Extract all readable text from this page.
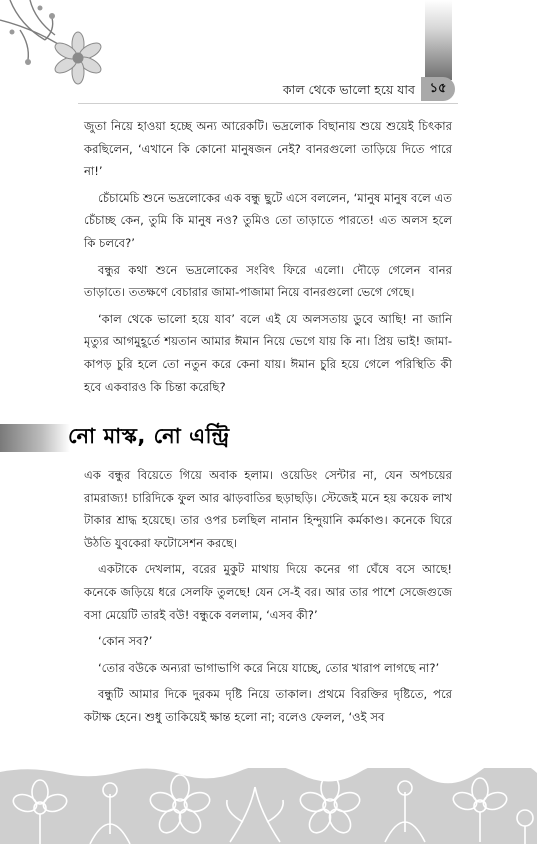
কাল থেকে ভালো হয়ে যাব	১৫

জুতা নিয়ে হাওয়া হচ্ছে অন্য আরেকটি। ভদ্রলোক বিছানায় শুয়ে শুয়েই চিৎকার করছিলেন, ‘এখানে কি কোনো মানুষজন নেই? বানরগুলো তাড়িয়ে দিতে পারে না!’

চেঁচামেচি শুনে ভদ্রলোকের এক বন্ধু ছুটে এসে বললেন, ‘মানুষ মানুষ বলে এত চেঁচাচ্ছ কেন, তুমি কি মানুষ নও? তুমিও তো তাড়াতে পারতে! এত অলস হলে কি চলবে?’

বন্ধুর কথা শুনে ভদ্রলোকের সংবিৎ ফিরে এলো। দৌড়ে গেলেন বানর তাড়াতে। ততক্ষণে বেচারার জামা-পাজামা নিয়ে বানরগুলো ভেগে গেছে।

‘কাল থেকে ভালো হয়ে যাব’ বলে এই যে অলসতায় ডুবে আছি! না জানি মৃত্যুর আগমুহূর্তে শয়তান আমার ঈমান নিয়ে ভেগে যায় কি না। প্রিয় ভাই! জামা-কাপড় চুরি হলে তো নতুন করে কেনা যায়। ঈমান চুরি হয়ে গেলে পরিস্থিতি কী হবে একবারও কি চিন্তা করেছি?

নো মাস্ক, নো এন্ট্রি

এক বন্ধুর বিয়েতে গিয়ে অবাক হলাম। ওয়েডিং সেন্টার না, যেন অপচয়ের রামরাজ্য! চারিদিকে ফুল আর ঝাড়বাতির ছড়াছড়ি। স্টেজেই মনে হয় কয়েক লাখ টাকার শ্রাদ্ধ হয়েছে। তার ওপর চলছিল নানান হিন্দুয়ানি কর্মকাণ্ড। কনেকে ঘিরে উঠতি যুবকেরা ফটোসেশন করছে।

একটাকে দেখলাম, বরের মুকুট মাথায় দিয়ে কনের গা ঘেঁষে বসে আছে! কনেকে জড়িয়ে ধরে সেলফি তুলছে! যেন সে-ই বর। আর তার পাশে সেজেগুজে বসা মেয়েটি তারই বউ! বন্ধুকে বললাম, ‘এসব কী?’

‘কোন সব?’

‘তোর বউকে অন্যরা ভাগাভাগি করে নিয়ে যাচ্ছে, তোর খারাপ লাগছে না?’

বন্ধুটি আমার দিকে দুরকম দৃষ্টি নিয়ে তাকাল। প্রথমে বিরক্তির দৃষ্টিতে, পরে কটাক্ষ হেনে। শুধু তাকিয়েই ক্ষান্ত হলো না; বলেও ফেলল, ‘ওই সব
